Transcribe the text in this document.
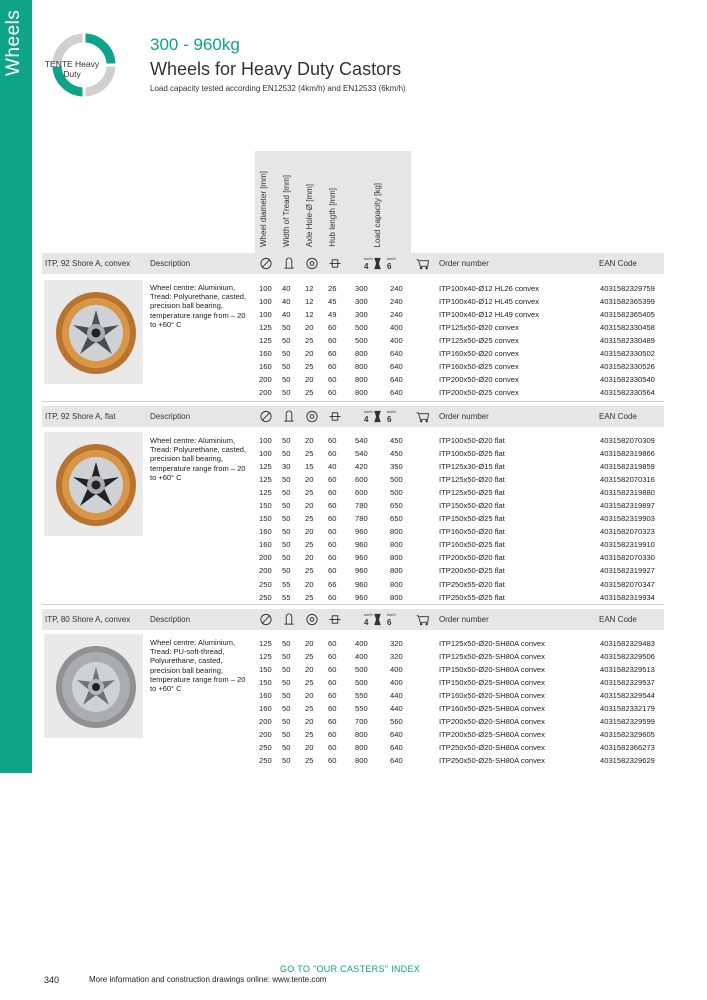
Wheels	TENTE Heavy Duty
300 - 960kg
Wheels for Heavy Duty Castors
Load capacity tested according EN12532 (4km/h) and EN12533 (6km/h)
Wheel diameter [mm] Width of Tread [mm] Axle Hole-Ø [mm] Hub length [mm]	Load capacity [kg]
ITP, 92 Shore A, convex Description	4
km/h
6
km/h
Order number	EAN Code
Wheel centre: Aluminium, Tread: Polyurethane, casted, precision ball bearing, temperature range from – 20 to +60° C
100 40 12 26 300	240	ITP100x40-Ø12 HL26 convex	4031582329759
100 40 12 45 300	240	ITP100x40-Ø12 HL45 convex	4031582365399
100 40 12 49 300	240	ITP100x40-Ø12 HL49 convex	4031582365405
125 50 20 60 500	400	ITP125x50-Ø20 convex	4031582330458
125 50 25 60 500	400	ITP125x50-Ø25 convex	4031582330489
160 50 20 60 800	640	ITP160x50-Ø20 convex	4031582330502
160 50 25 60 800	640	ITP160x50-Ø25 convex	4031582330526
200 50 20 60 800	640	ITP200x50-Ø20 convex	4031582330540
200 50 25 60 800	640	ITP200x50-Ø25 convex	4031582330564
ITP, 92 Shore A, flat	Description	4
km/h
6
km/h
Order number	EAN Code
Wheel centre: Aluminium, Tread: Polyurethane, casted, precision ball bearing, temperature range from – 20 to +60° C
100 50 20 60 540	450	ITP100x50-Ø20 flat	4031582070309
100 50 25 60 540	450	ITP100x50-Ø25 flat	4031582319866
125 30 15 40 420	350	ITP125x30-Ø15 flat	4031582319859
125 50 20 60 600	500	ITP125x50-Ø20 flat	4031582070316
125 50 25 60 600	500	ITP125x50-Ø25 flat	4031582319880
150 50 20 60 780	650	ITP150x50-Ø20 flat	4031582319897
150 50 25 60 780	650	ITP150x50-Ø25 flat	4031582319903
160 50 20 60 960	800	ITP160x50-Ø20 flat	4031582070323
160 50 25 60 960	800	ITP160x50-Ø25 flat	4031582319910
200 50 20 60 960	800	ITP200x50-Ø20 flat	4031582070330
200 50 25 60 960	800	ITP200x50-Ø25 flat	4031582319927
250 55 20 66 960	800	ITP250x55-Ø20 flat	4031582070347
250 55 25 60 960	800	ITP250x55-Ø25 flat	4031582319934
ITP, 80 Shore A, convex Description	4
km/h
6
km/h
Order number	EAN Code
Wheel centre: Aluminium, Tread: PU-soft-thread, Polyurethane, casted, precision ball bearing, temperature range from – 20 to +60° C
125 50 20 60 400	320	ITP125x50-Ø20-SH80A convex	4031582329483
125 50 25 60 400	320	ITP125x50-Ø25-SH80A convex	4031582329506
150 50 20 60 500	400	ITP150x50-Ø20-SH80A convex	4031582329513
150 50 25 60 500	400	ITP150x50-Ø25-SH80A convex	4031582329537
160 50 20 60 550	440	ITP160x50-Ø20-SH80A convex	4031582329544
160 50 25 60 550	440	ITP160x50-Ø25-SH80A convex	4031582332179
200 50 20 60 700	560	ITP200x50-Ø20-SH80A convex	4031582329599
200 50 25 60 800	640	ITP200x50-Ø25-SH80A convex	4031582329605
250 50 20 60 800	640	ITP250x50-Ø20-SH80A convex	4031582366273
250 50 25 60 800	640	ITP250x50-Ø25-SH80A convex	4031582329629
GO TO "OUR CASTERS" INDEX
340	More information and construction drawings online: www.tente.com
